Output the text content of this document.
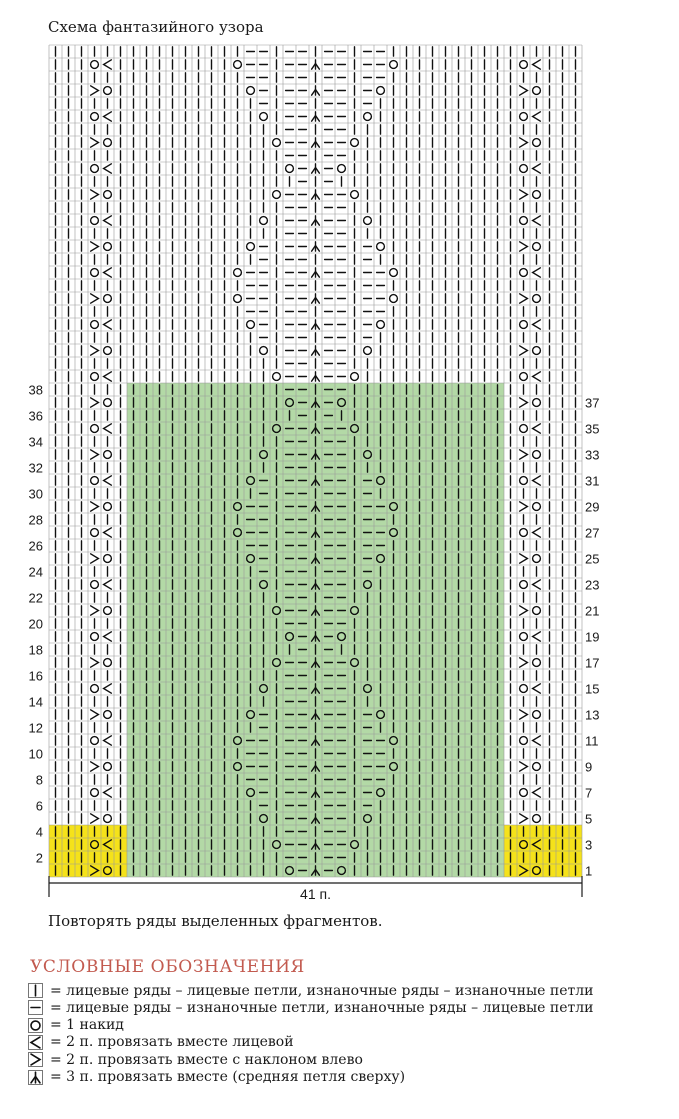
Схема фантазийного узора
38
36
34
32
30
28
26
24
22
20
18
16
14
12
10
8
6
4
2
37
35
33
31
29
27
25
23
21
19
17
15
13
11
9
7
5
3
1
41 п.
Повторять ряды выделенных фрагментов.
УСЛОВНЫЕ ОБОЗНАЧЕНИЯ
= лицевые ряды – лицевые петли, изнаночные ряды – изнаночные петли
= лицевые ряды – изнаночные петли, изнаночные ряды – лицевые петли
= 1 накид
= 2 п. провязать вместе лицевой
= 2 п. провязать вместе с наклоном влево
= 3 п. провязать вместе (средняя петля сверху)
